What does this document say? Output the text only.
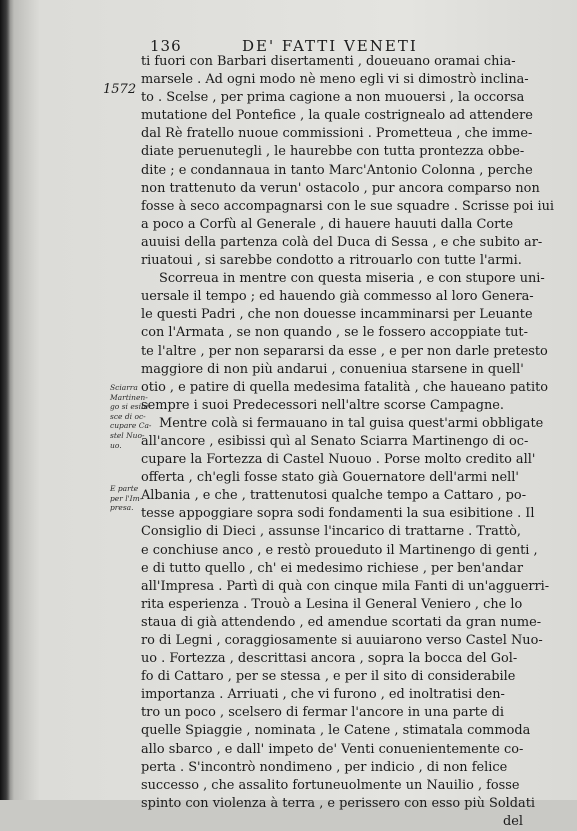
136	DE' FATTI VENETI
1572
Sciarra
Martinen-
go si esibi-
sce di oc-
cupare Ca-
stel Nuo-
uo.
E parte
per l'Im-
presa.
ti fuori con Barbari disertamenti , doueuano oramai chia-
marsele . Ad ogni modo nè meno egli vi si dimostrò inclina-
to . Scelse , per prima cagione a non muouersi , la occorsa
mutatione del Pontefice , la quale costrignealo ad attendere
dal Rè fratello nuoue commissioni . Prometteua , che imme-
diate peruenutegli , le haurebbe con tutta prontezza obbe-
dite ; e condannaua in tanto Marc'Antonio Colonna , perche
non trattenuto da verun' ostacolo , pur ancora comparso non
fosse à seco accompagnarsi con le sue squadre . Scrisse poi iui
a poco a Corfù al Generale , di hauere hauuti dalla Corte
auuisi della partenza colà del Duca di Sessa , e che subito ar-
riuatoui , si sarebbe condotto a ritrouarlo con tutte l'armi.
Scorreua in mentre con questa miseria , e con stupore uni-
uersale il tempo ; ed hauendo già commesso al loro Genera-
le questi Padri , che non douesse incamminarsi per Leuante
con l'Armata , se non quando , se le fossero accoppiate tut-
te l'altre , per non separarsi da esse , e per non darle pretesto
maggiore di non più andarui , conueniua starsene in quell'
otio , e patire di quella medesima fatalità , che haueano patito
sempre i suoi Predecessori nell'altre scorse Campagne.
Mentre colà si fermauano in tal guisa quest'armi obbligate
all'ancore , esibissi quì al Senato Sciarra Martinengo di oc-
cupare la Fortezza di Castel Nuouo . Porse molto credito all'
offerta , ch'egli fosse stato già Gouernatore dell'armi nell'
Albania , e che , trattenutosi qualche tempo a Cattaro , po-
tesse appoggiare sopra sodi fondamenti la sua esibitione . Il
Consiglio di Dieci , assunse l'incarico di trattarne . Trattò,
e conchiuse anco , e restò proueduto il Martinengo di genti ,
e di tutto quello , ch' ei medesimo richiese , per ben'andar
all'Impresa . Partì di quà con cinque mila Fanti di un'agguerri-
rita esperienza . Trouò a Lesina il General Veniero , che lo
staua di già attendendo , ed amendue scortati da gran nume-
ro di Legni , coraggiosamente si auuiarono verso Castel Nuo-
uo . Fortezza , descrittasi ancora , sopra la bocca del Gol-
fo di Cattaro , per se stessa , e per il sito di considerabile
importanza . Arriuati , che vi furono , ed inoltratisi den-
tro un poco , scelsero di fermar l'ancore in una parte di
quelle Spiaggie , nominata , le Catene , stimatala commoda
allo sbarco , e dall' impeto de' Venti conuenientemente co-
perta . S'incontrò nondimeno , per indicio , di non felice
successo , che assalito fortuneuolmente un Nauilio , fosse
spinto con violenza à terra , e perissero con esso più Soldati
del
